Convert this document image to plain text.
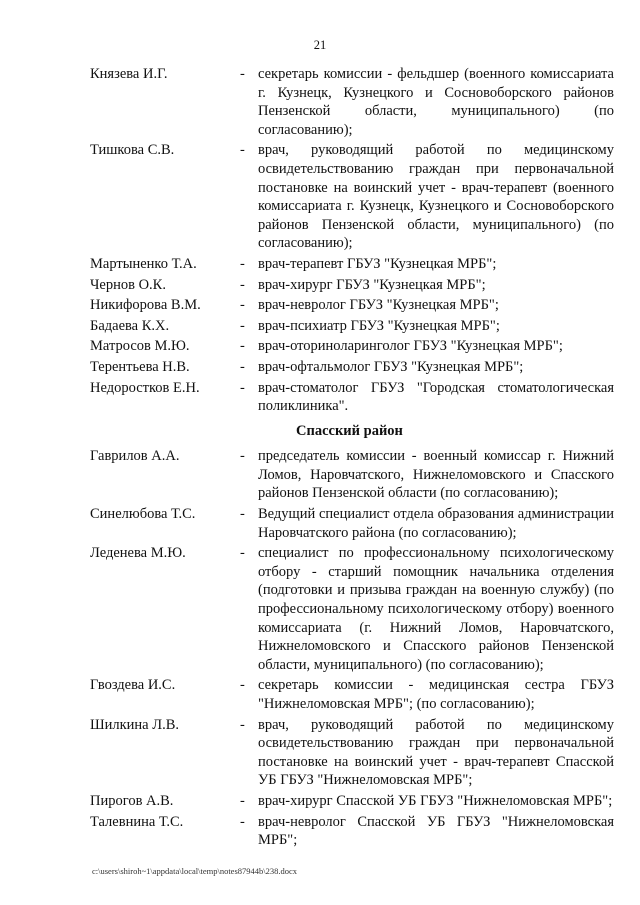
21
Князева И.Г.	- секретарь комиссии - фельдшер (военного комиссариата г. Кузнецк, Кузнецкого и Сосновоборского районов Пензенской области, муниципального) (по согласованию);
Тишкова С.В.	- врач, руководящий работой по медицинскому освидетельствованию граждан при первоначальной постановке на воинский учет - врач-терапевт (военного комиссариата г. Кузнецк, Кузнецкого и Сосновоборского районов Пензенской области, муниципального) (по согласованию);
Мартыненко Т.А.	- врач-терапевт ГБУЗ "Кузнецкая МРБ";
Чернов О.К.	- врач-хирург ГБУЗ "Кузнецкая МРБ";
Никифорова В.М.	- врач-невролог ГБУЗ "Кузнецкая МРБ";
Бадаева К.Х.	- врач-психиатр ГБУЗ "Кузнецкая МРБ";
Матросов М.Ю.	- врач-оториноларинголог ГБУЗ "Кузнецкая МРБ";
Терентьева Н.В.	- врач-офтальмолог ГБУЗ "Кузнецкая МРБ";
Недоростков Е.Н.	- врач-стоматолог ГБУЗ "Городская стоматологическая поликлиника".
Спасский район
Гаврилов А.А.	- председатель комиссии - военный комиссар г. Нижний Ломов, Наровчатского, Нижнеломовского и Спасского районов Пензенской области (по согласованию);
Синелюбова Т.С.	- Ведущий специалист отдела образования администрации Наровчатского района (по согласованию);
Леденева М.Ю.	- специалист по профессиональному психологическому отбору - старший помощник начальника отделения (подготовки и призыва граждан на военную службу) (по профессиональному психологическому отбору) военного комиссариата (г. Нижний Ломов, Наровчатского, Нижнеломовского и Спасского районов Пензенской области, муниципального) (по согласованию);
Гвоздева И.С.	- секретарь комиссии - медицинская сестра ГБУЗ "Нижнеломовская МРБ"; (по согласованию);
Шилкина Л.В.	- врач, руководящий работой по медицинскому освидетельствованию граждан при первоначальной постановке на воинский учет - врач-терапевт Спасской УБ ГБУЗ "Нижнеломовская МРБ";
Пирогов А.В.	- врач-хирург Спасской УБ ГБУЗ "Нижнеломовская МРБ";
Талевнина Т.С.	- врач-невролог Спасской УБ ГБУЗ "Нижнеломовская МРБ";
c:\users\shiroh~1\appdata\local\temp\notes87944b\238.docx
